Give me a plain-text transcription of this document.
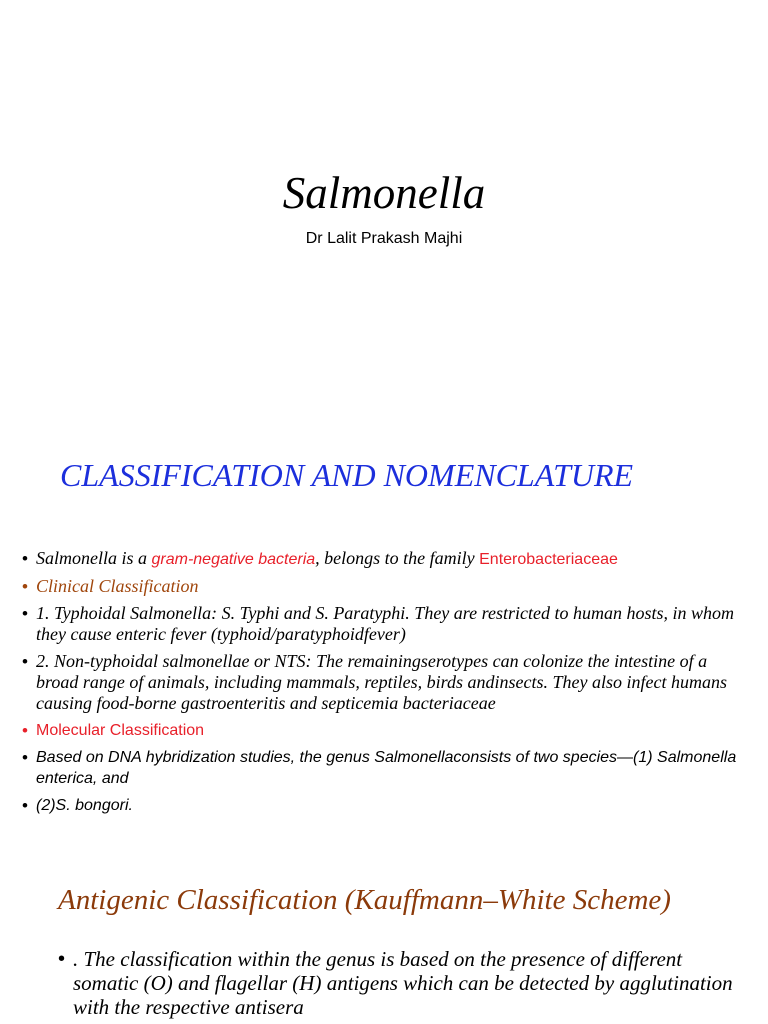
Salmonella
Dr Lalit Prakash Majhi
CLASSIFICATION AND NOMENCLATURE
• Salmonella is a gram-negative bacteria, belongs to the family Enterobacteriaceae
• Clinical Classification
• 1. Typhoidal Salmonella: S. Typhi and S. Paratyphi. They are restricted to human hosts, in whom they cause enteric fever (typhoid/paratyphoidfever)
• 2. Non-typhoidal salmonellae or NTS: The remainingserotypes can colonize the intestine of a broad range of animals, including mammals, reptiles, birds andinsects. They also infect humans causing food-borne gastroenteritis and septicemia bacteriaceae
• Molecular Classification
• Based on DNA hybridization studies, the genus Salmonellaconsists of two species—(1) Salmonella enterica, and
• (2)S. bongori.
Antigenic Classification (Kauffmann–White Scheme)
• . The classification within the genus is based on the presence of different somatic (O) and flagellar (H) antigens which can be detected by agglutination with the respective antisera
